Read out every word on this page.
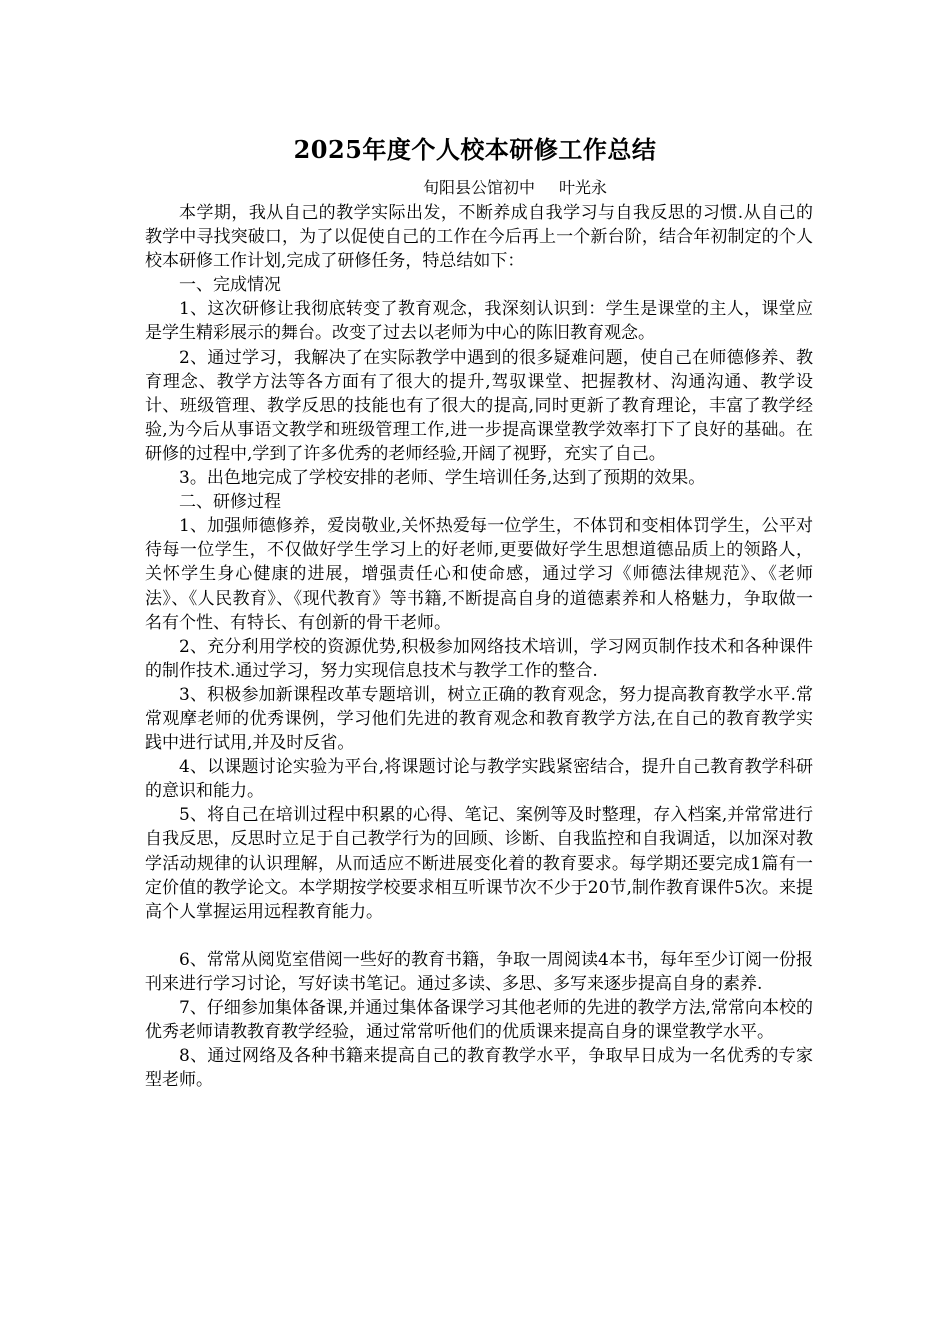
2025年度个人校本研修工作总结
旬阳县公馆初中 叶光永

本学期，我从自己的教学实际出发，不断养成自我学习与自我反思的习惯.从自己的教学中寻找突破口，为了以促使自己的工作在今后再上一个新台阶，结合年初制定的个人校本研修工作计划,完成了研修任务，特总结如下：

一、完成情况

1、这次研修让我彻底转变了教育观念，我深刻认识到：学生是课堂的主人，课堂应是学生精彩展示的舞台。改变了过去以老师为中心的陈旧教育观念。

2、通过学习，我解决了在实际教学中遇到的很多疑难问题，使自己在师德修养、教育理念、教学方法等各方面有了很大的提升,驾驭课堂、把握教材、沟通沟通、教学设计、班级管理、教学反思的技能也有了很大的提高,同时更新了教育理论，丰富了教学经验,为今后从事语文教学和班级管理工作,进一步提高课堂教学效率打下了良好的基础。在研修的过程中,学到了许多优秀的老师经验,开阔了视野，充实了自己。

3。出色地完成了学校安排的老师、学生培训任务,达到了预期的效果。

二、研修过程

1、加强师德修养，爱岗敬业,关怀热爱每一位学生，不体罚和变相体罚学生，公平对待每一位学生，不仅做好学生学习上的好老师,更要做好学生思想道德品质上的领路人，关怀学生身心健康的进展，增强责任心和使命感，通过学习《师德法律规范》、《老师法》、《人民教育》、《现代教育》等书籍,不断提高自身的道德素养和人格魅力，争取做一名有个性、有特长、有创新的骨干老师。

2、充分利用学校的资源优势,积极参加网络技术培训，学习网页制作技术和各种课件的制作技术.通过学习，努力实现信息技术与教学工作的整合.

3、积极参加新课程改革专题培训，树立正确的教育观念，努力提高教育教学水平.常常观摩老师的优秀课例，学习他们先进的教育观念和教育教学方法,在自己的教育教学实践中进行试用,并及时反省。

4、以课题讨论实验为平台,将课题讨论与教学实践紧密结合，提升自己教育教学科研的意识和能力。

5、将自己在培训过程中积累的心得、笔记、案例等及时整理，存入档案,并常常进行自我反思，反思时立足于自己教学行为的回顾、诊断、自我监控和自我调适，以加深对教学活动规律的认识理解，从而适应不断进展变化着的教育要求。每学期还要完成1篇有一定价值的教学论文。本学期按学校要求相互听课节次不少于20节,制作教育课件5次。来提高个人掌握运用远程教育能力。

6、常常从阅览室借阅一些好的教育书籍，争取一周阅读4本书，每年至少订阅一份报刊来进行学习讨论，写好读书笔记。通过多读、多思、多写来逐步提高自身的素养.

7、仔细参加集体备课,并通过集体备课学习其他老师的先进的教学方法,常常向本校的优秀老师请教教育教学经验，通过常常听他们的优质课来提高自身的课堂教学水平。

8、通过网络及各种书籍来提高自己的教育教学水平，争取早日成为一名优秀的专家型老师。
